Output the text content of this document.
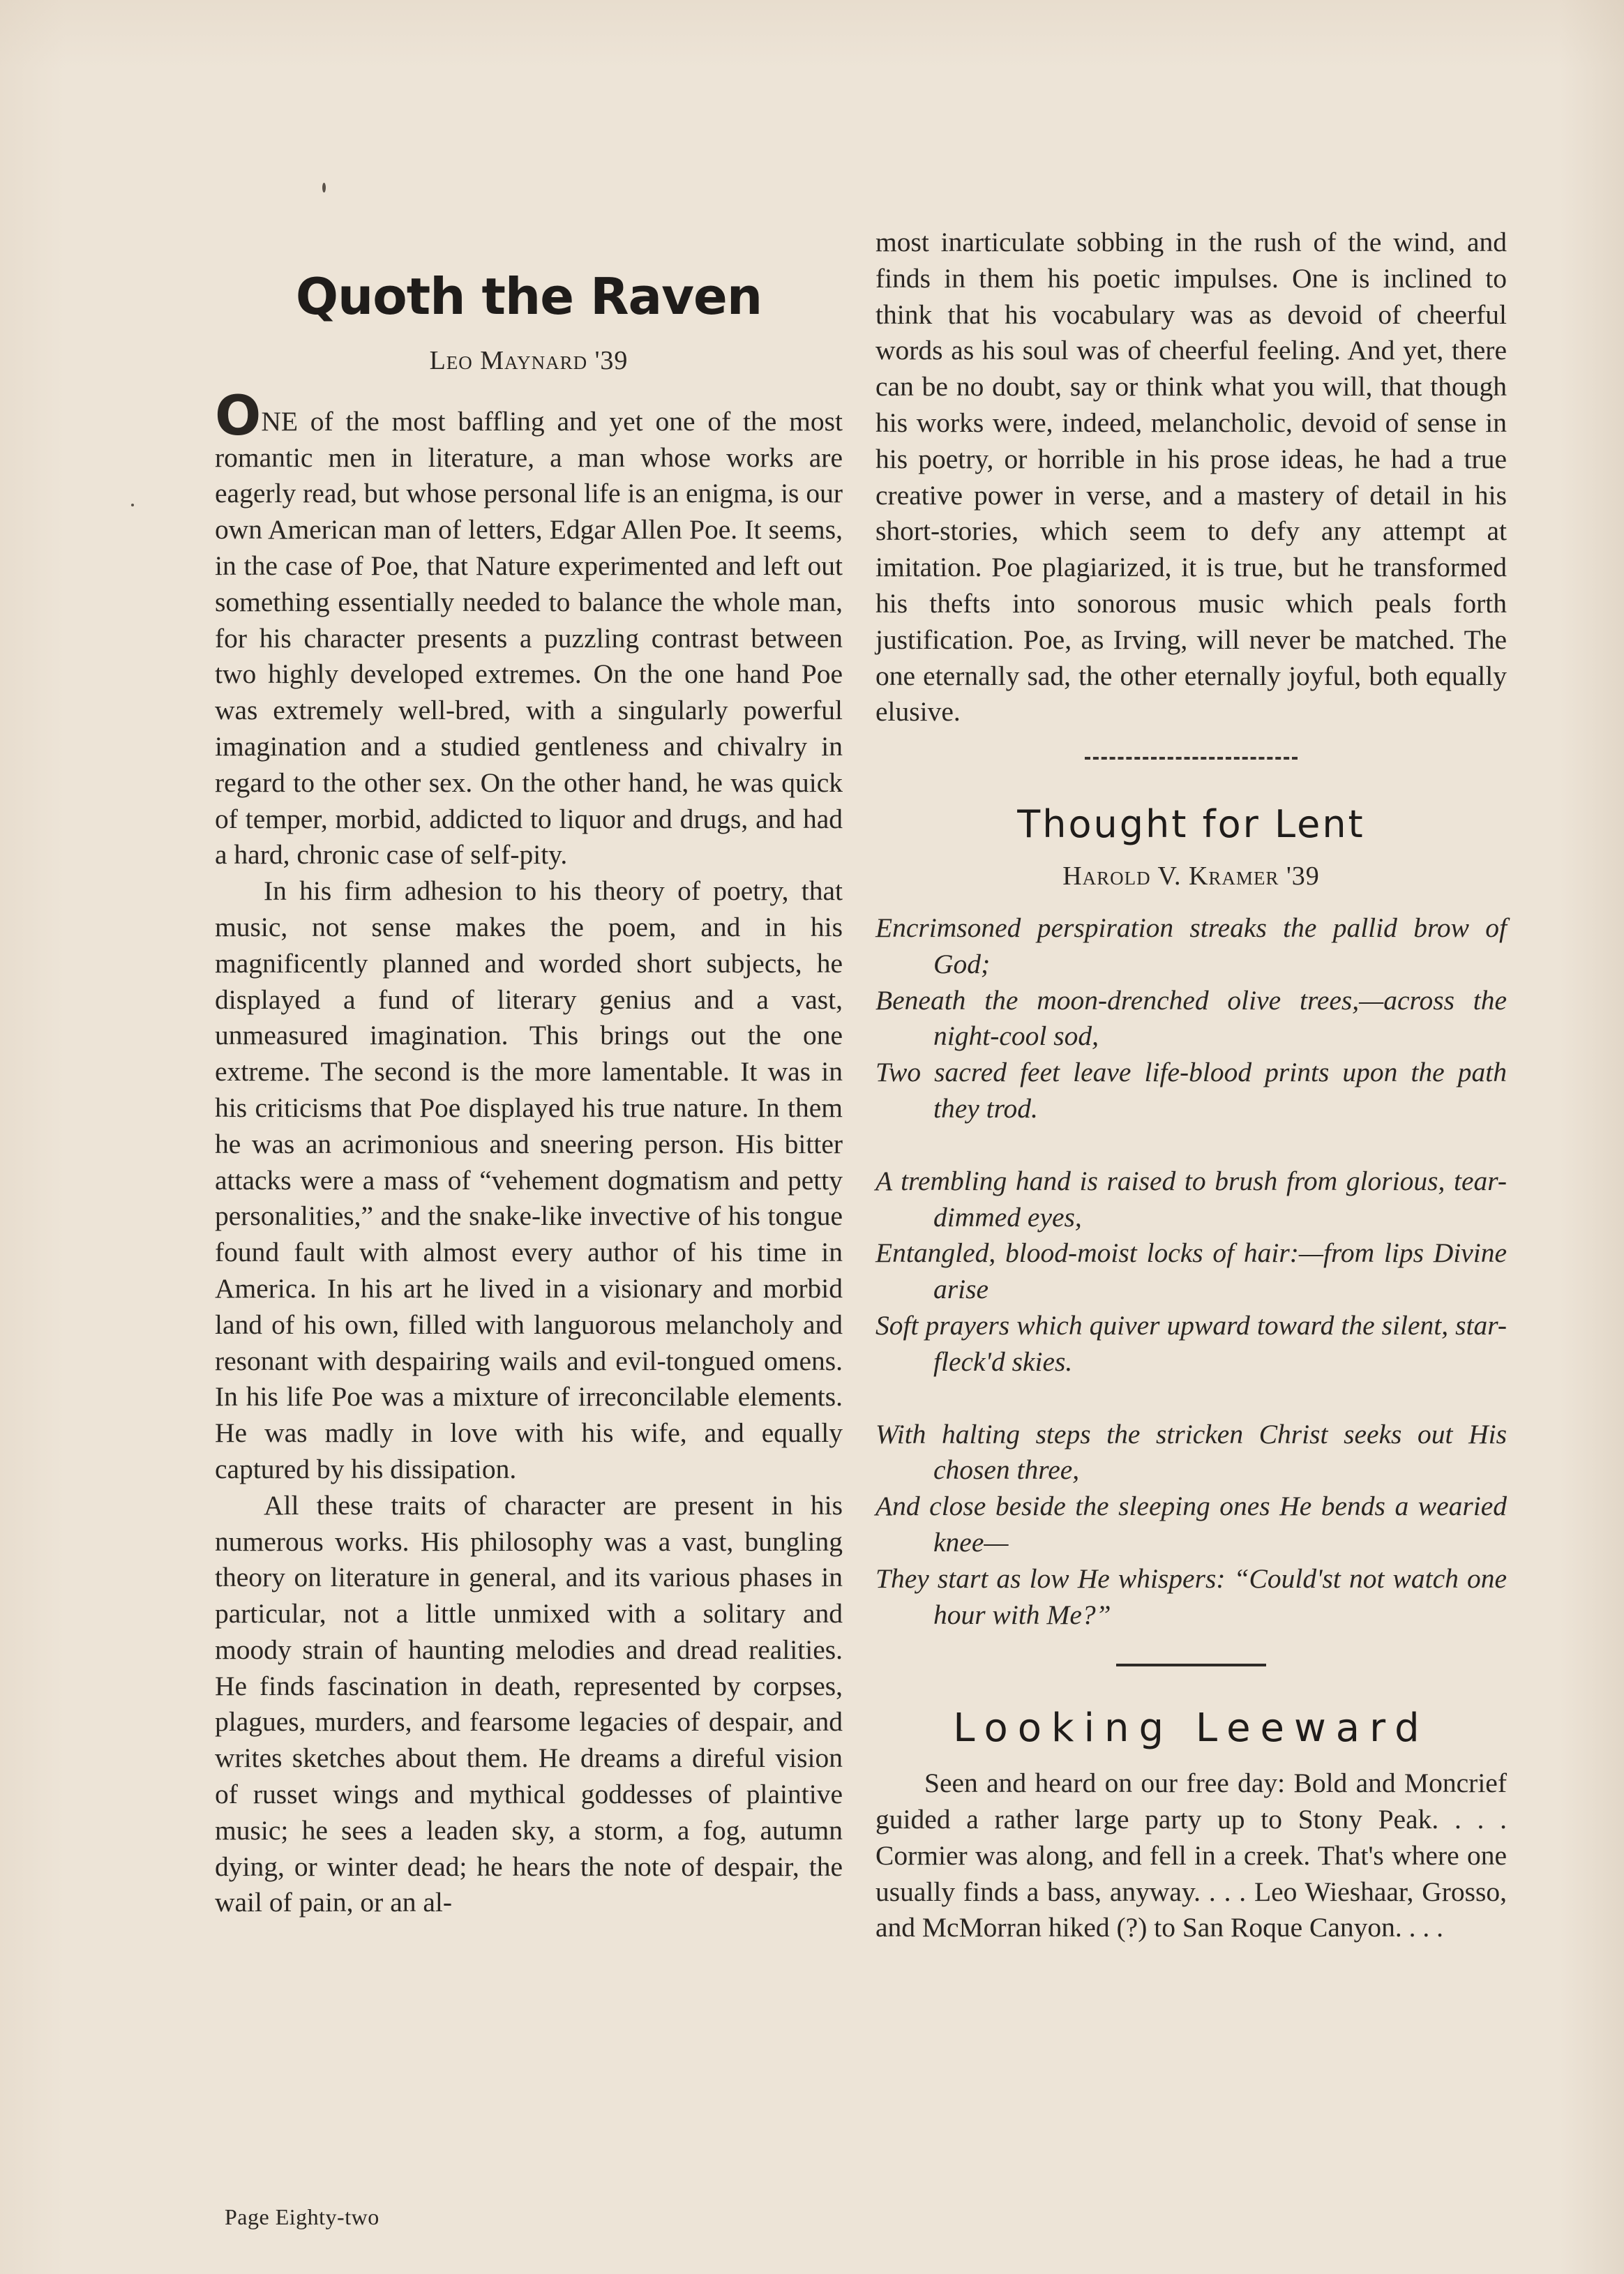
Quoth the Raven
Leo Maynard '39

ONE of the most baffling and yet one of the most romantic men in literature, a man whose works are eagerly read, but whose personal life is an enigma, is our own American man of letters, Edgar Allen Poe. It seems, in the case of Poe, that Nature experimented and left out something essentially needed to balance the whole man, for his character presents a puzzling contrast between two highly developed extremes. On the one hand Poe was extremely well-bred, with a singularly powerful imagination and a studied gentleness and chivalry in regard to the other sex. On the other hand, he was quick of temper, morbid, addicted to liquor and drugs, and had a hard, chronic case of self-pity.

In his firm adhesion to his theory of poetry, that music, not sense makes the poem, and in his magnificently planned and worded short subjects, he displayed a fund of literary genius and a vast, unmeasured imagination. This brings out the one extreme. The second is the more lamentable. It was in his criticisms that Poe displayed his true nature. In them he was an acrimonious and sneering person. His bitter attacks were a mass of “vehement dogmatism and petty personalities,” and the snake-like invective of his tongue found fault with almost every author of his time in America. In his art he lived in a visionary and morbid land of his own, filled with languorous melancholy and resonant with despairing wails and evil-tongued omens. In his life Poe was a mixture of irreconcilable elements. He was madly in love with his wife, and equally captured by his dissipation.

All these traits of character are present in his numerous works. His philosophy was a vast, bungling theory on literature in general, and its various phases in particular, not a little unmixed with a solitary and moody strain of haunting melodies and dread realities. He finds fascination in death, represented by corpses, plagues, murders, and fearsome legacies of despair, and writes sketches about them. He dreams a direful vision of russet wings and mythical goddesses of plaintive music; he sees a leaden sky, a storm, a fog, autumn dying, or winter dead; he hears the note of despair, the wail of pain, or an al-

most inarticulate sobbing in the rush of the wind, and finds in them his poetic impulses. One is inclined to think that his vocabulary was as devoid of cheerful words as his soul was of cheerful feeling. And yet, there can be no doubt, say or think what you will, that though his works were, indeed, melancholic, devoid of sense in his poetry, or horrible in his prose ideas, he had a true creative power in verse, and a mastery of detail in his short-stories, which seem to defy any attempt at imitation. Poe plagiarized, it is true, but he transformed his thefts into sonorous music which peals forth justification. Poe, as Irving, will never be matched. The one eternally sad, the other eternally joyful, both equally elusive.

Thought for Lent
Harold V. Kramer '39
Encrimsoned perspiration streaks the pallid brow of God;
Beneath the moon-drenched olive trees,—across the night-cool sod,
Two sacred feet leave life-blood prints upon the path they trod.
A trembling hand is raised to brush from glorious, tear-dimmed eyes,
Entangled, blood-moist locks of hair:—from lips Divine arise
Soft prayers which quiver upward toward the silent, star-fleck'd skies.
With halting steps the stricken Christ seeks out His chosen three,
And close beside the sleeping ones He bends a wearied knee—
They start as low He whispers: “Could'st not watch one hour with Me?”
Looking Leeward

Seen and heard on our free day: Bold and Moncrief guided a rather large party up to Stony Peak. . . . Cormier was along, and fell in a creek. That's where one usually finds a bass, anyway. . . . Leo Wieshaar, Grosso, and McMorran hiked (?) to San Roque Canyon. . . .

Page Eighty-two
